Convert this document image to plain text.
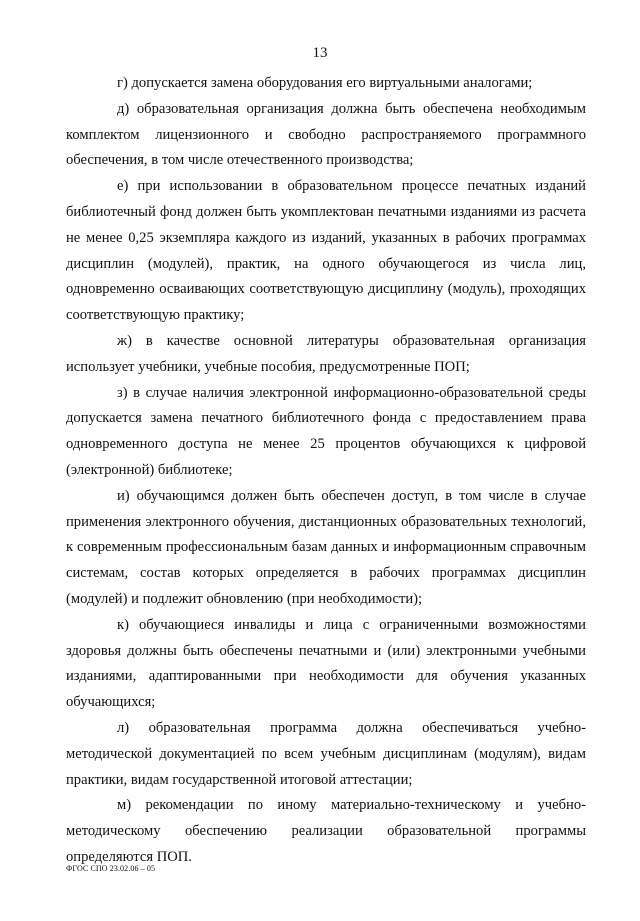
13

г) допускается замена оборудования его виртуальными аналогами;

д) образовательная организация должна быть обеспечена необходимым комплектом лицензионного и свободно распространяемого программного обеспечения, в том числе отечественного производства;

е) при использовании в образовательном процессе печатных изданий библиотечный фонд должен быть укомплектован печатными изданиями из расчета не менее 0,25 экземпляра каждого из изданий, указанных в рабочих программах дисциплин (модулей), практик, на одного обучающегося из числа лиц, одновременно осваивающих соответствующую дисциплину (модуль), проходящих соответствующую практику;

ж) в качестве основной литературы образовательная организация использует учебники, учебные пособия, предусмотренные ПОП;

з) в случае наличия электронной информационно-образовательной среды допускается замена печатного библиотечного фонда с предоставлением права одновременного доступа не менее 25 процентов обучающихся к цифровой (электронной) библиотеке;

и) обучающимся должен быть обеспечен доступ, в том числе в случае применения электронного обучения, дистанционных образовательных технологий, к современным профессиональным базам данных и информационным справочным системам, состав которых определяется в рабочих программах дисциплин (модулей) и подлежит обновлению (при необходимости);

к) обучающиеся инвалиды и лица с ограниченными возможностями здоровья должны быть обеспечены печатными и (или) электронными учебными изданиями, адаптированными при необходимости для обучения указанных обучающихся;

л) образовательная программа должна обеспечиваться учебно-методической документацией по всем учебным дисциплинам (модулям), видам практики, видам государственной итоговой аттестации;

м) рекомендации по иному материально-техническому и учебно-методическому обеспечению реализации образовательной программы определяются ПОП.

ФГОС СПО 23.02.06 – 05
